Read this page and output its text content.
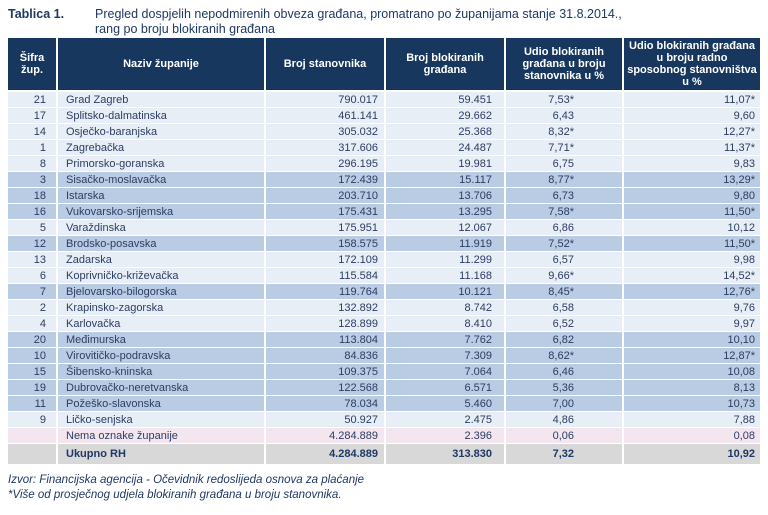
Tablica 1.	Pregled dospjelih nepodmirenih obveza građana, promatrano po županijama stanje 31.8.2014.,
rang po broju blokiranih građana
Šifra žup.	Naziv županije	Broj stanovnika	Broj blokiranih građana	Udio blokiranih građana u broju stanovnika u %	Udio blokiranih građana u broju radno sposobnog stanovništva u %
21	Grad Zagreb	790.017	59.451	7,53*	11,07*
17	Splitsko-dalmatinska	461.141	29.662	6,43	9,60
14	Osječko-baranjska	305.032	25.368	8,32*	12,27*
1	Zagrebačka	317.606	24.487	7,71*	11,37*
8	Primorsko-goranska	296.195	19.981	6,75	9,83
3	Sisačko-moslavačka	172.439	15.117	8,77*	13,29*
18	Istarska	203.710	13.706	6,73	9,80
16	Vukovarsko-srijemska	175.431	13.295	7,58*	11,50*
5	Varaždinska	175.951	12.067	6,86	10,12
12	Brodsko-posavska	158.575	11.919	7,52*	11,50*
13	Zadarska	172.109	11.299	6,57	9,98
6	Koprivničko-križevačka	115.584	11.168	9,66*	14,52*
7	Bjelovarsko-bilogorska	119.764	10.121	8,45*	12,76*
2	Krapinsko-zagorska	132.892	8.742	6,58	9,76
4	Karlovačka	128.899	8.410	6,52	9,97
20	Međimurska	113.804	7.762	6,82	10,10
10	Virovitičko-podravska	84.836	7.309	8,62*	12,87*
15	Šibensko-kninska	109.375	7.064	6,46	10,08
19	Dubrovačko-neretvanska	122.568	6.571	5,36	8,13
11	Požeško-slavonska	78.034	5.460	7,00	10,73
9	Ličko-senjska	50.927	2.475	4,86	7,88
	Nema oznake županije	4.284.889	2.396	0,06	0,08
	Ukupno RH	4.284.889	313.830	7,32	10,92
Izvor: Financijska agencija - Očevidnik redoslijeda osnova za plaćanje
*Više od prosječnog udjela blokiranih građana u broju stanovnika.
